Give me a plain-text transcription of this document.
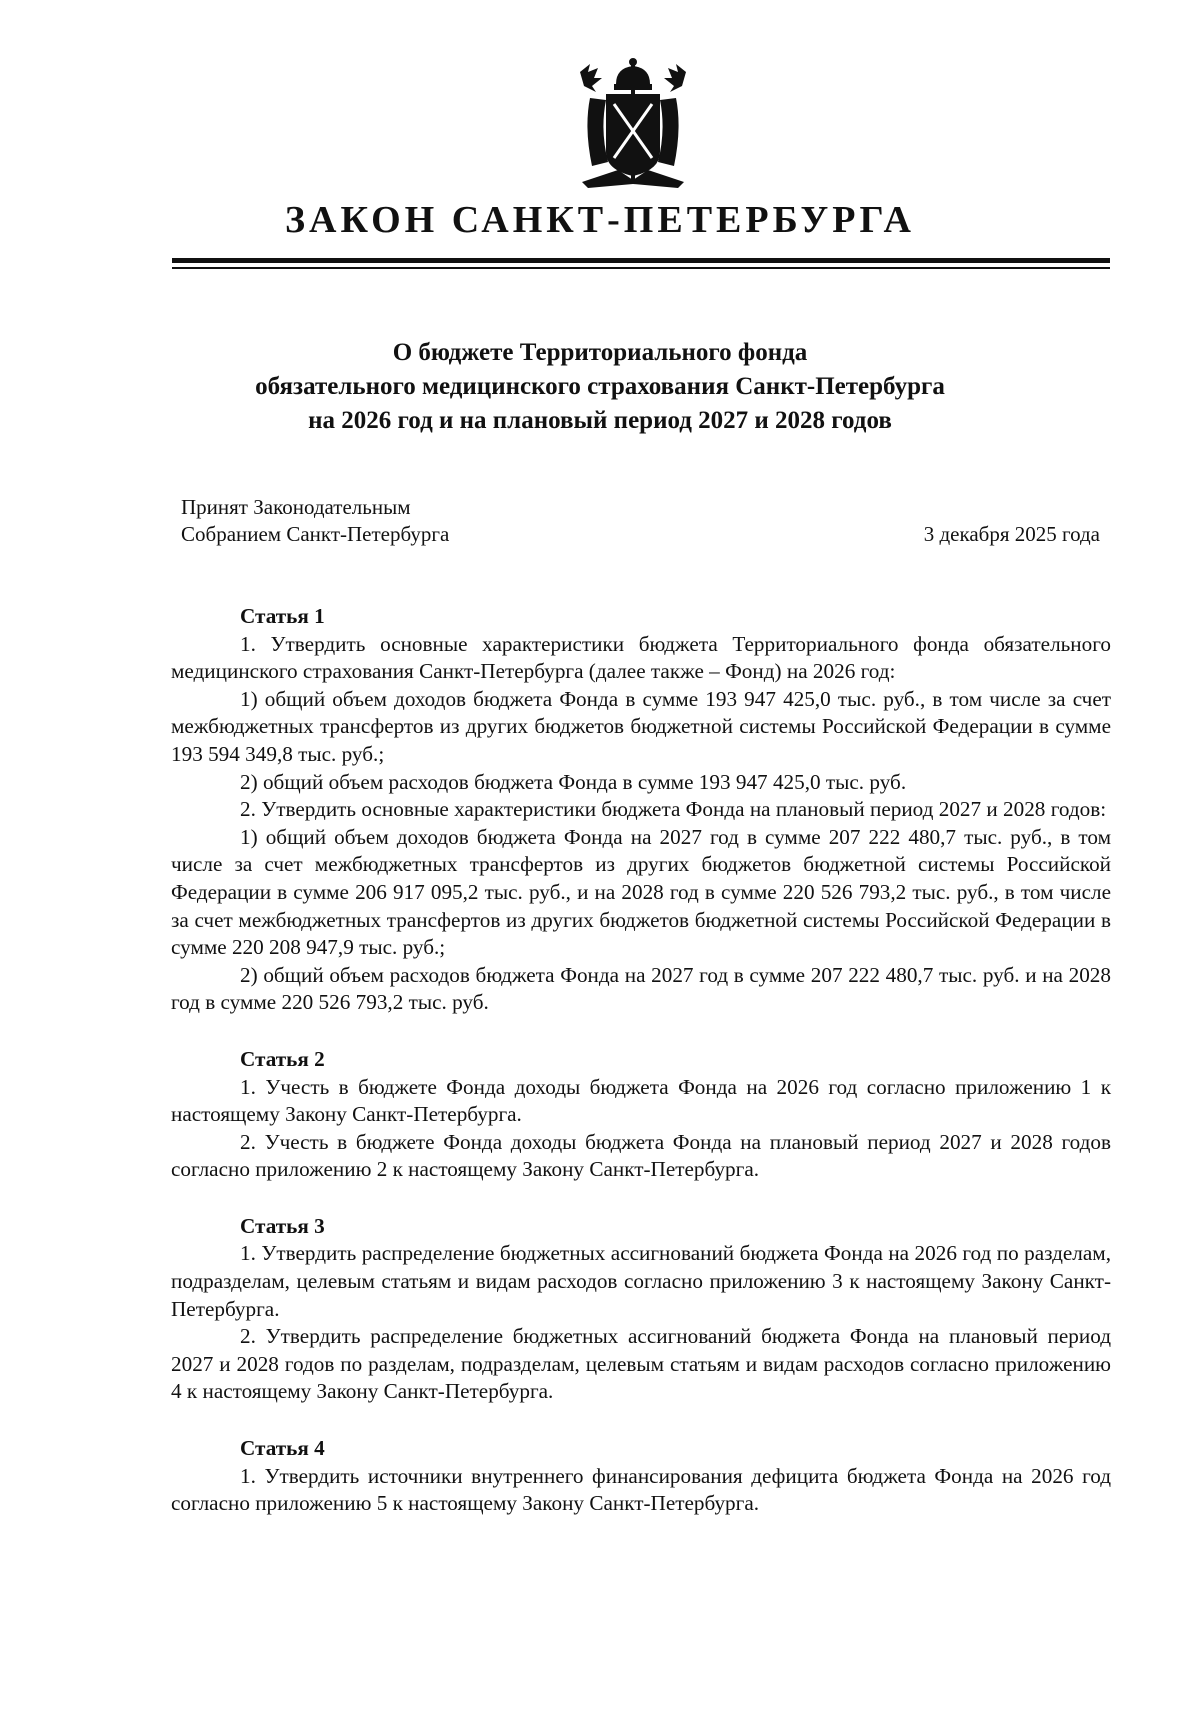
ЗАКОН САНКТ-ПЕТЕРБУРГА
О бюджете Территориального фонда
обязательного медицинского страхования Санкт-Петербурга
на 2026 год и на плановый период 2027 и 2028 годов
Принят Законодательным
Собранием Санкт-Петербурга	3 декабря 2025 года
Статья 1

1. Утвердить основные характеристики бюджета Территориального фонда обязательного медицинского страхования Санкт-Петербурга (далее также – Фонд) на 2026 год:

1) общий объем доходов бюджета Фонда в сумме 193 947 425,0 тыс. руб., в том числе за счет межбюджетных трансфертов из других бюджетов бюджетной системы Российской Федерации в сумме 193 594 349,8 тыс. руб.;

2) общий объем расходов бюджета Фонда в сумме 193 947 425,0 тыс. руб.

2. Утвердить основные характеристики бюджета Фонда на плановый период 2027 и 2028 годов:

1) общий объем доходов бюджета Фонда на 2027 год в сумме 207 222 480,7 тыс. руб., в том числе за счет межбюджетных трансфертов из других бюджетов бюджетной системы Российской Федерации в сумме 206 917 095,2 тыс. руб., и на 2028 год в сумме 220 526 793,2 тыс. руб., в том числе за счет межбюджетных трансфертов из других бюджетов бюджетной системы Российской Федерации в сумме 220 208 947,9 тыс. руб.;

2) общий объем расходов бюджета Фонда на 2027 год в сумме 207 222 480,7 тыс. руб. и на 2028 год в сумме 220 526 793,2 тыс. руб.

Статья 2

1. Учесть в бюджете Фонда доходы бюджета Фонда на 2026 год согласно приложению 1 к настоящему Закону Санкт-Петербурга.

2. Учесть в бюджете Фонда доходы бюджета Фонда на плановый период 2027 и 2028 годов согласно приложению 2 к настоящему Закону Санкт-Петербурга.

Статья 3

1. Утвердить распределение бюджетных ассигнований бюджета Фонда на 2026 год по разделам, подразделам, целевым статьям и видам расходов согласно приложению 3 к настоящему Закону Санкт-Петербурга.

2. Утвердить распределение бюджетных ассигнований бюджета Фонда на плановый период 2027 и 2028 годов по разделам, подразделам, целевым статьям и видам расходов согласно приложению 4 к настоящему Закону Санкт-Петербурга.

Статья 4

1. Утвердить источники внутреннего финансирования дефицита бюджета Фонда на 2026 год согласно приложению 5 к настоящему Закону Санкт-Петербурга.
